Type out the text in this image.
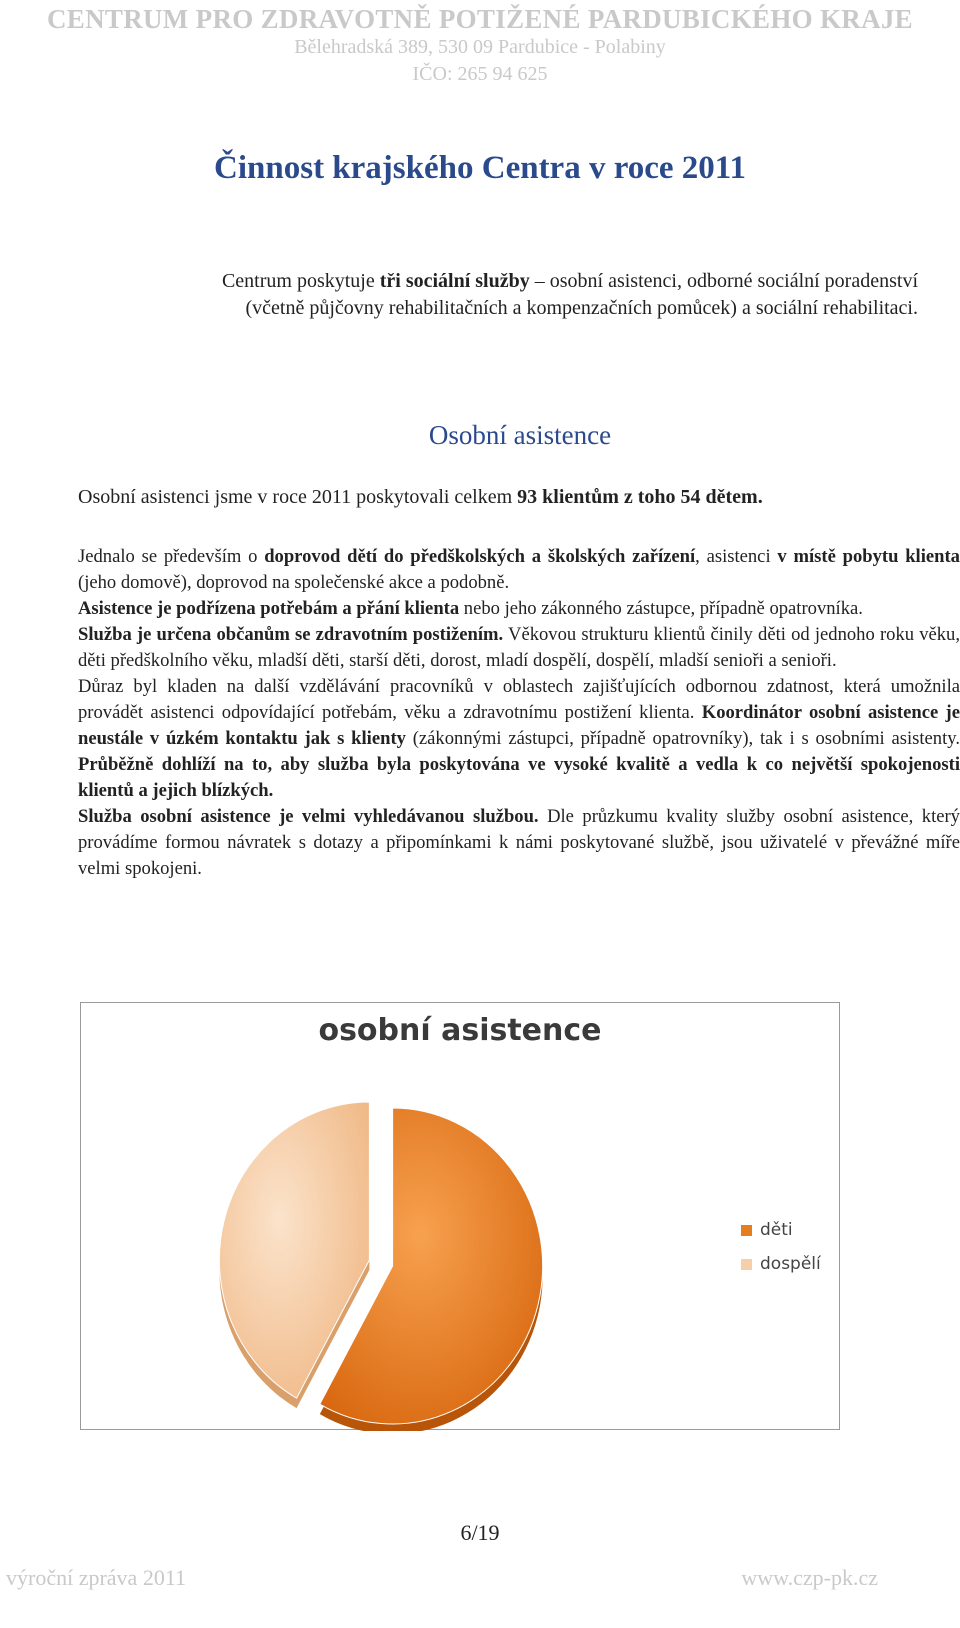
CENTRUM PRO ZDRAVOTNĚ POTIŽENÉ PARDUBICKÉHO KRAJE
Bělehradská 389, 530 09 Pardubice - Polabiny
IČO: 265 94 625
Činnost krajského Centra v roce 2011
Centrum poskytuje tři sociální služby – osobní asistenci, odborné sociální poradenství
(včetně půjčovny rehabilitačních a kompenzačních pomůcek) a sociální rehabilitaci.
Osobní asistence
Osobní asistenci jsme v roce 2011 poskytovali celkem 93 klientům z toho 54 dětem.

Jednalo se především o doprovod dětí do předškolských a školských zařízení, asistenci v místě pobytu klienta (jeho domově), doprovod na společenské akce a podobně.

Asistence je podřízena potřebám a přání klienta nebo jeho zákonného zástupce, případně opatrovníka.

Služba je určena občanům se zdravotním postižením. Věkovou strukturu klientů činily děti od jednoho roku věku, děti předškolního věku, mladší děti, starší děti, dorost, mladí dospělí, dospělí, mladší senioři a senioři.

Důraz byl kladen na další vzdělávání pracovníků v oblastech zajišťujících odbornou zdatnost, která umožnila provádět asistenci odpovídající potřebám, věku a zdravotnímu postižení klienta. Koordinátor osobní asistence je neustále v úzkém kontaktu jak s klienty (zákonnými zástupci, případně opatrovníky), tak i s osobními asistenty. Průběžně dohlíží na to, aby služba byla poskytována ve vysoké kvalitě a vedla k co největší spokojenosti klientů a jejich blízkých.

Služba osobní asistence je velmi vyhledávanou službou. Dle průzkumu kvality služby osobní asistence, který provádíme formou návratek s dotazy a připomínkami k námi poskytované službě, jsou uživatelé v převážné míře velmi spokojeni.

osobní asistence
děti
dospělí
6/19
výroční zpráva 2011	www.czp-pk.cz
